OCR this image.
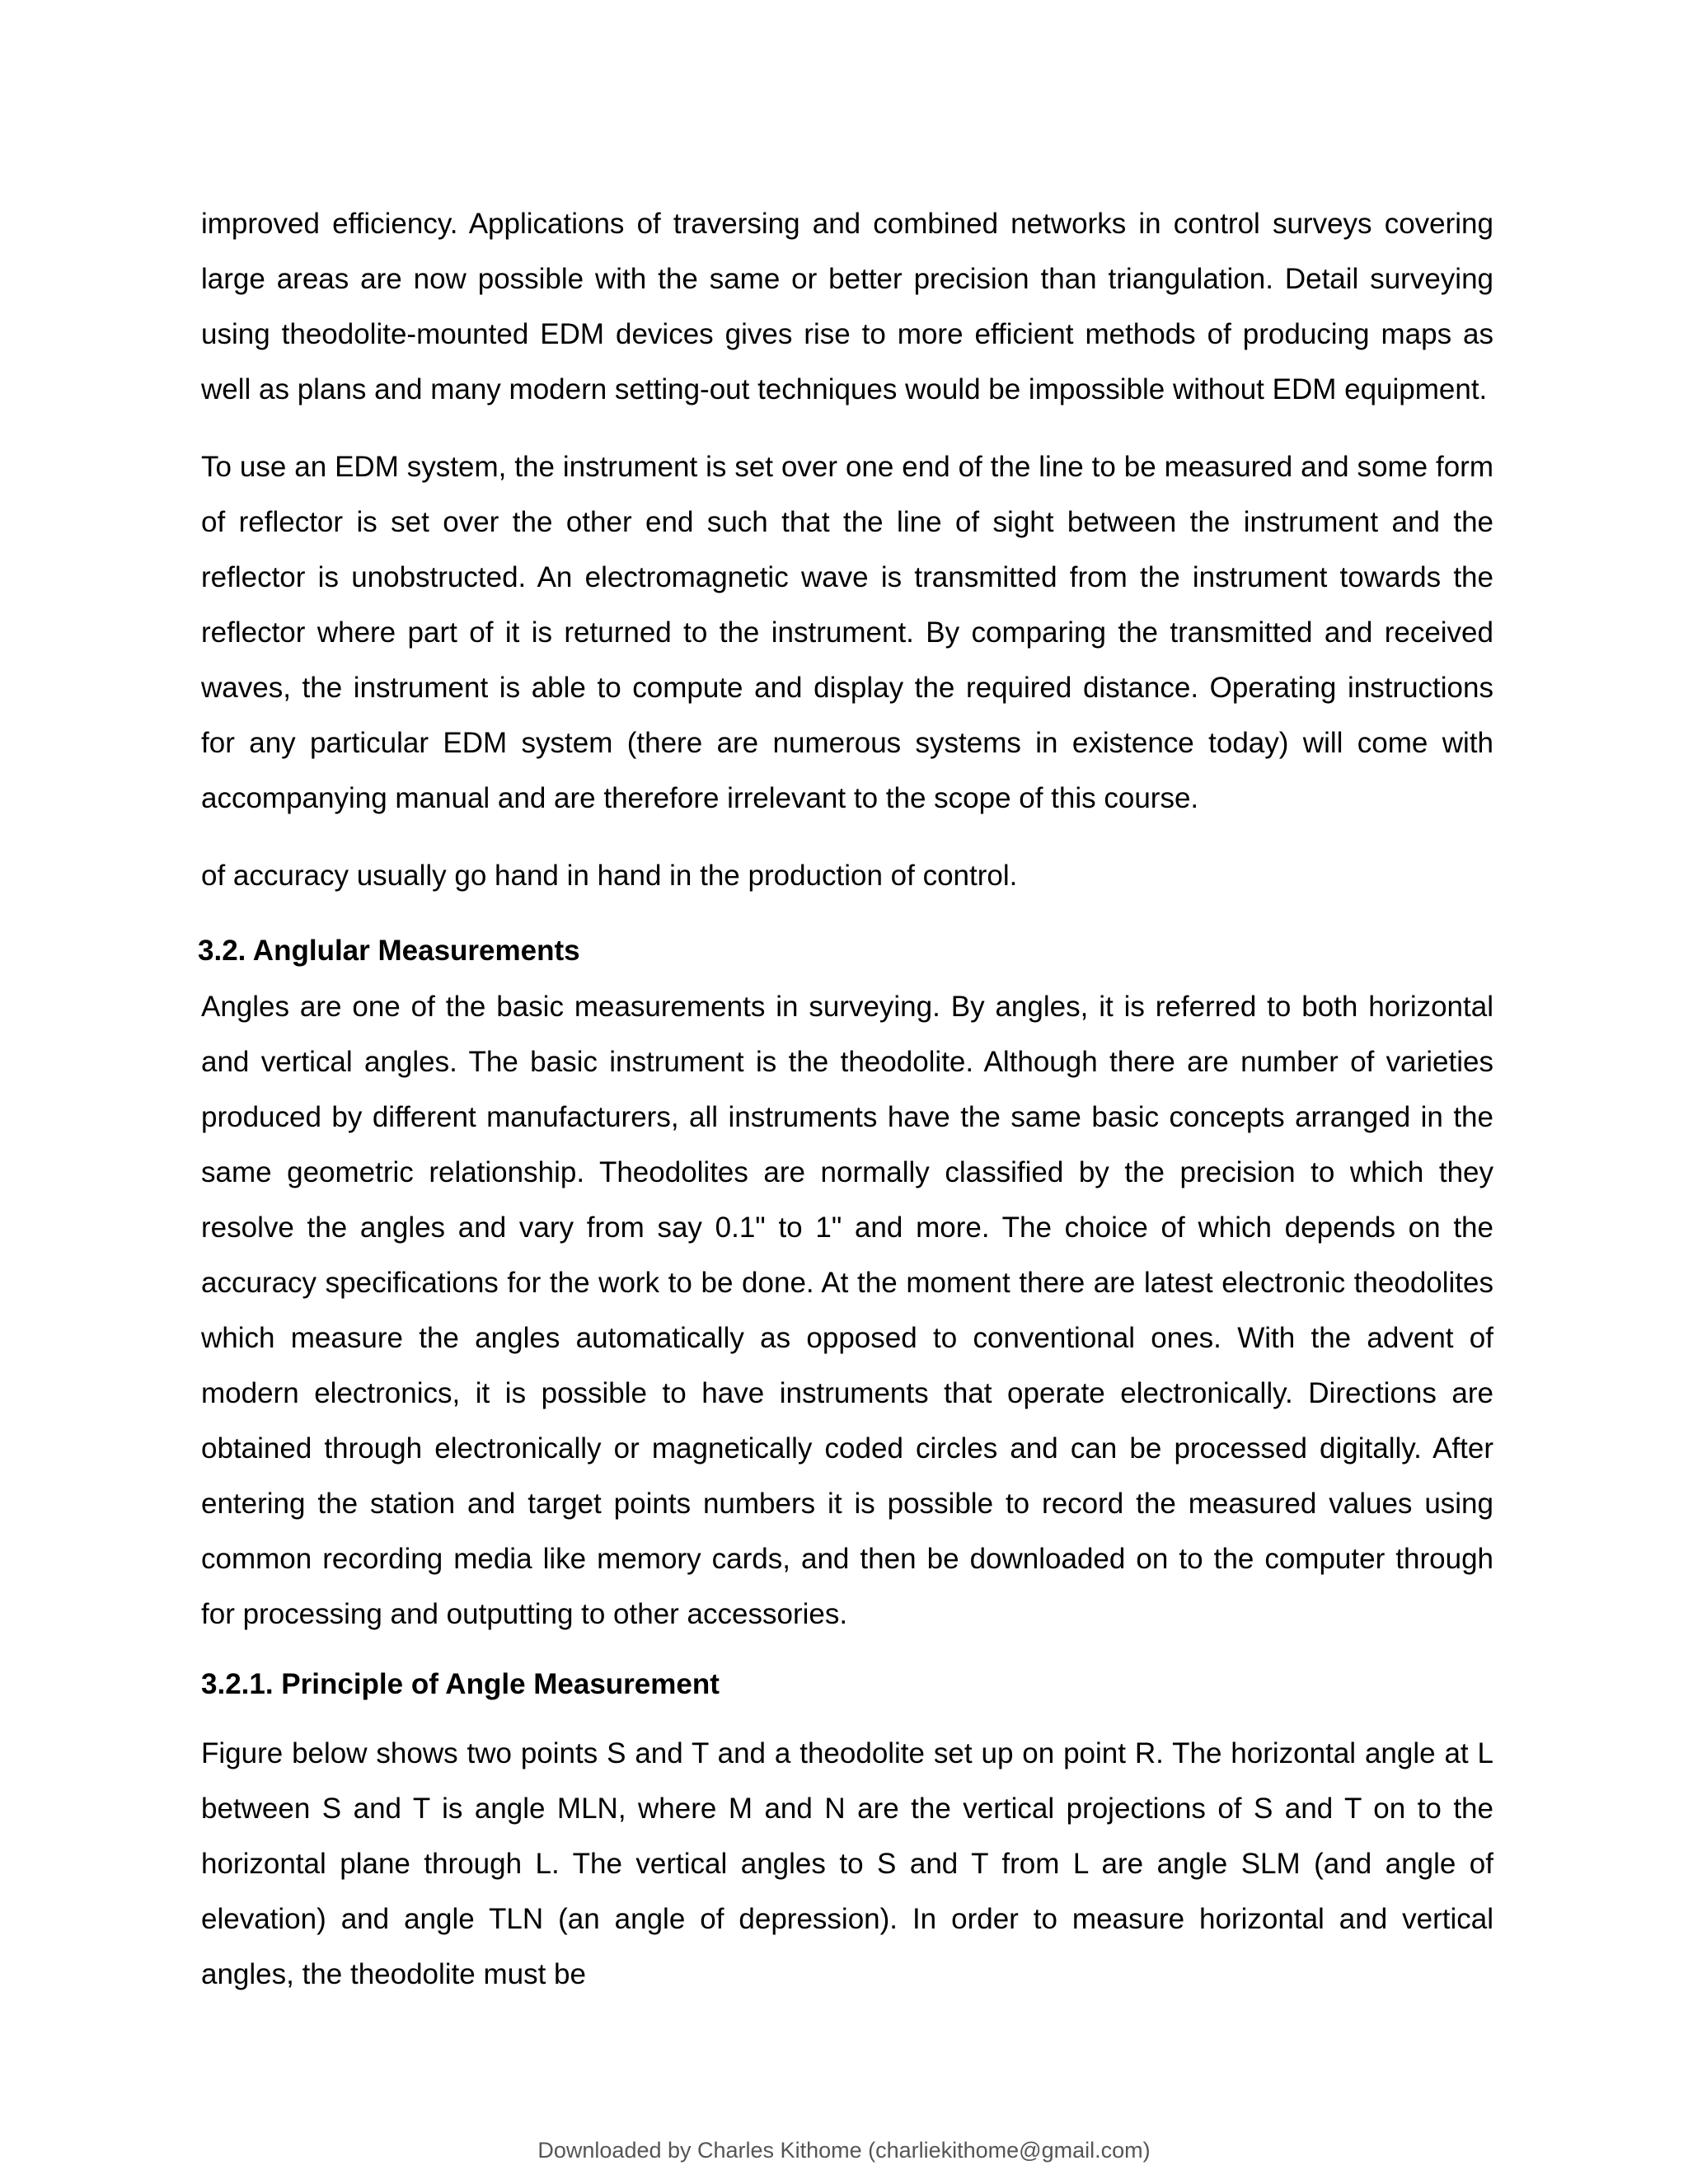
improved efficiency. Applications of traversing and combined networks in control surveys covering large areas are now possible with the same or better precision than triangulation. Detail surveying using theodolite-mounted EDM devices gives rise to more efficient methods of producing maps as well as plans and many modern setting-out techniques would be impossible without EDM equipment.

To use an EDM system, the instrument is set over one end of the line to be measured and some form of reflector is set over the other end such that the line of sight between the instrument and the reflector is unobstructed. An electromagnetic wave is transmitted from the instrument towards the reflector where part of it is returned to the instrument. By comparing the transmitted and received waves, the instrument is able to compute and display the required distance. Operating instructions for any particular EDM system (there are numerous systems in existence today) will come with accompanying manual and are therefore irrelevant to the scope of this course.

of accuracy usually go hand in hand in the production of control.

3.2. Anglular Measurements

Angles are one of the basic measurements in surveying. By angles, it is referred to both horizontal and vertical angles. The basic instrument is the theodolite. Although there are number of varieties produced by different manufacturers, all instruments have the same basic concepts arranged in the same geometric relationship. Theodolites are normally classified by the precision to which they resolve the angles and vary from say 0.1" to 1" and more. The choice of which depends on the accuracy specifications for the work to be done. At the moment there are latest electronic theodolites which measure the angles automatically as opposed to conventional ones. With the advent of modern electronics, it is possible to have instruments that operate electronically. Directions are obtained through electronically or magnetically coded circles and can be processed digitally. After entering the station and target points numbers it is possible to record the measured values using common recording media like memory cards, and then be downloaded on to the computer through for processing and outputting to other accessories.

3.2.1. Principle of Angle Measurement

Figure below shows two points S and T and a theodolite set up on point R. The horizontal angle at L between S and T is angle MLN, where M and N are the vertical projections of S and T on to the horizontal plane through L. The vertical angles to S and T from L are angle SLM (and angle of elevation) and angle TLN (an angle of depression). In order to measure horizontal and vertical angles, the theodolite must be

Downloaded by Charles Kithome (charliekithome@gmail.com)
